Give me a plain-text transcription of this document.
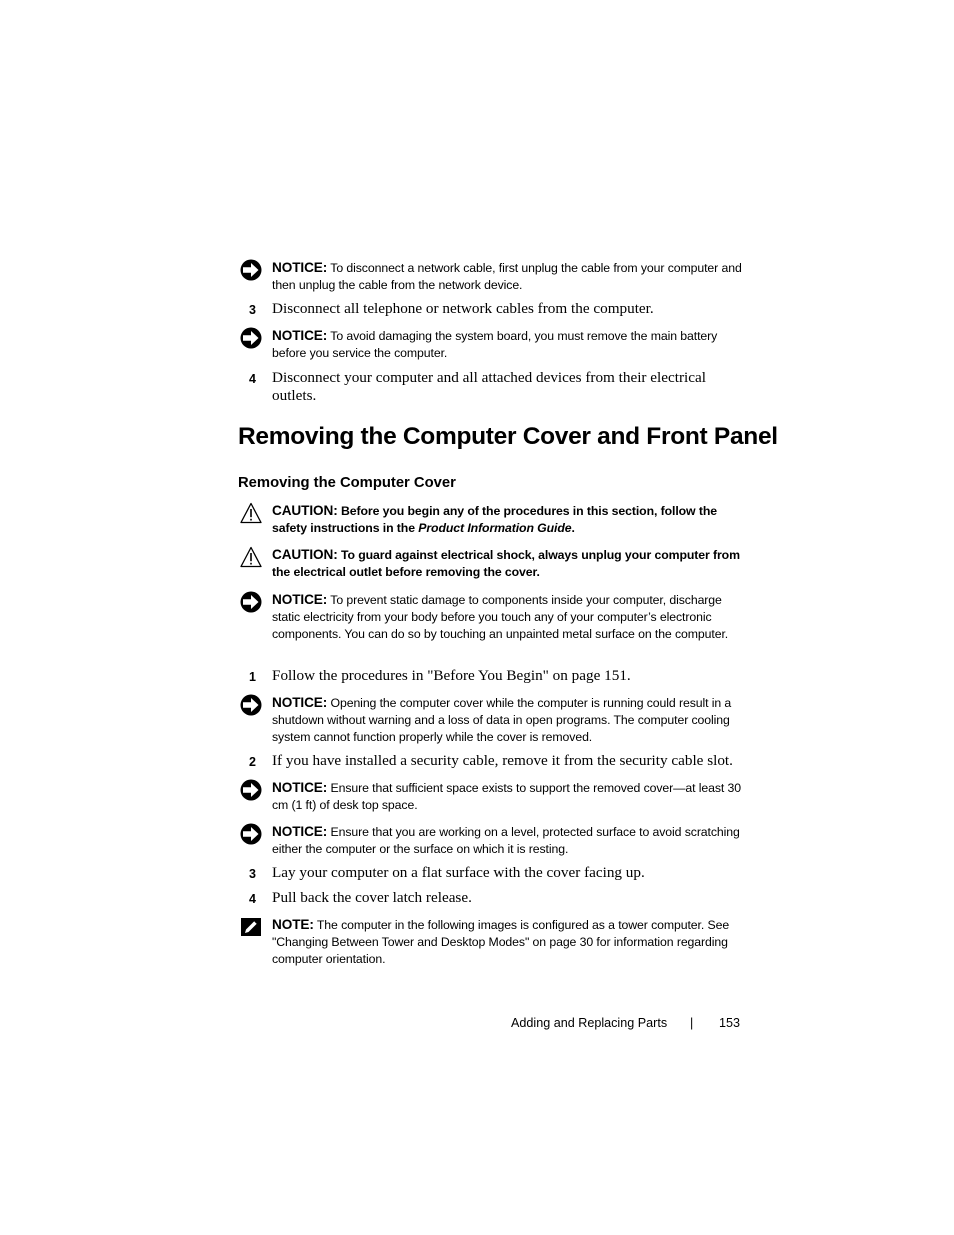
NOTICE: To disconnect a network cable, first unplug the cable from your computer and then unplug the cable from the network device.
3 Disconnect all telephone or network cables from the computer.
NOTICE: To avoid damaging the system board, you must remove the main battery before you service the computer.
4 Disconnect your computer and all attached devices from their electrical outlets.
Removing the Computer Cover and Front Panel
Removing the Computer Cover
CAUTION: Before you begin any of the procedures in this section, follow the safety instructions in the Product Information Guide.
CAUTION: To guard against electrical shock, always unplug your computer from the electrical outlet before removing the cover.
NOTICE: To prevent static damage to components inside your computer, discharge static electricity from your body before you touch any of your computer’s electronic components. You can do so by touching an unpainted metal surface on the computer.
1 Follow the procedures in "Before You Begin" on page 151.
NOTICE: Opening the computer cover while the computer is running could result in a shutdown without warning and a loss of data in open programs. The computer cooling system cannot function properly while the cover is removed.
2 If you have installed a security cable, remove it from the security cable slot.
NOTICE: Ensure that sufficient space exists to support the removed cover—at least 30 cm (1 ft) of desk top space.
NOTICE: Ensure that you are working on a level, protected surface to avoid scratching either the computer or the surface on which it is resting.
3 Lay your computer on a flat surface with the cover facing up.
4 Pull back the cover latch release.
NOTE: The computer in the following images is configured as a tower computer. See "Changing Between Tower and Desktop Modes" on page 30 for information regarding computer orientation.
Adding and Replacing Parts | 153
